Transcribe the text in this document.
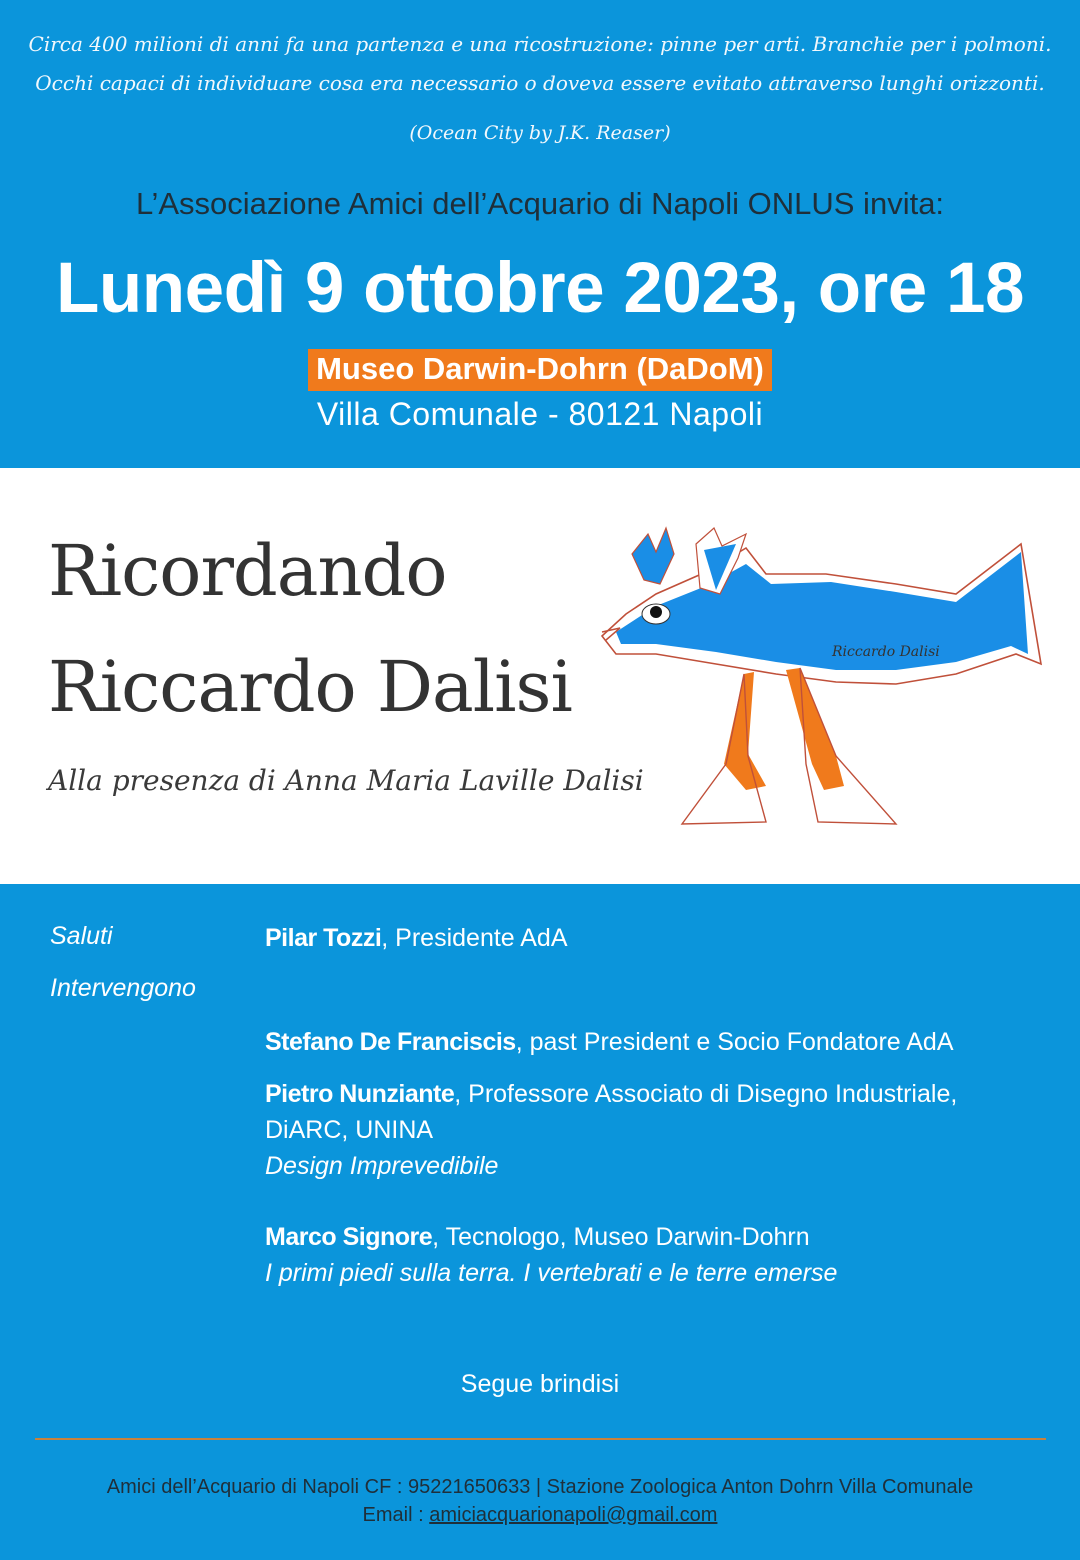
Circa 400 milioni di anni fa una partenza e una ricostruzione: pinne per arti. Branchie per i polmoni.
Occhi capaci di individuare cosa era necessario o doveva essere evitato attraverso lunghi orizzonti.
(Ocean City by J.K. Reaser)
L’Associazione Amici dell’Acquario di Napoli ONLUS invita:
Lunedì 9 ottobre 2023, ore 18
Museo Darwin-Dohrn (DaDoM)
Villa Comunale - 80121 Napoli
Ricordando
Riccardo Dalisi
Alla presenza di Anna Maria Laville Dalisi
Riccardo Dalisi
Saluti
Intervengono
Pilar Tozzi, Presidente AdA
Stefano De Franciscis, past President e Socio Fondatore AdA
Pietro Nunziante, Professore Associato di Disegno Industriale,
DiARC, UNINA
Design Imprevedibile
Marco Signore, Tecnologo, Museo Darwin-Dohrn
I primi piedi sulla terra. I vertebrati e le terre emerse
Segue brindisi
Amici dell’Acquario di Napoli CF : 95221650633 | Stazione Zoologica Anton Dohrn Villa Comunale
Email : amiciacquarionapoli@gmail.com
